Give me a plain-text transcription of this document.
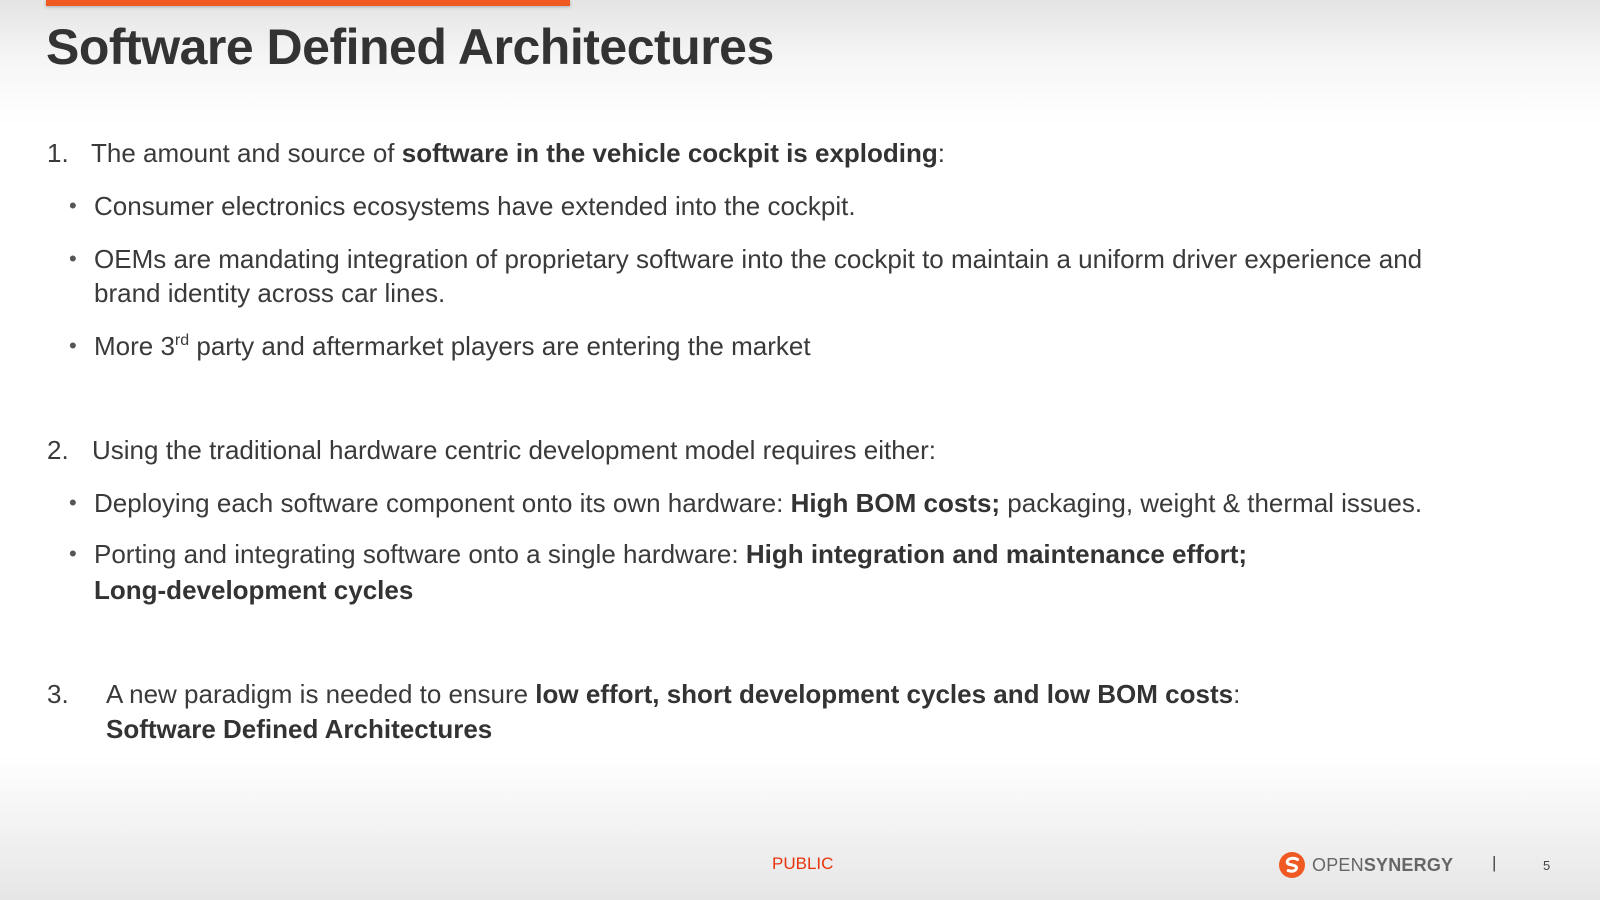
Software Defined Architectures
1. The amount and source of software in the vehicle cockpit is exploding:
• Consumer electronics ecosystems have extended into the cockpit.
• OEMs are mandating integration of proprietary software into the cockpit to maintain a uniform driver experience and
brand identity across car lines.
• More 3rd party and aftermarket players are entering the market
2. Using the traditional hardware centric development model requires either:
• Deploying each software component onto its own hardware: High BOM costs; packaging, weight & thermal issues.
• Porting and integrating software onto a single hardware: High integration and maintenance effort;
Long-development cycles
3. A new paradigm is needed to ensure low effort, short development cycles and low BOM costs:
Software Defined Architectures
PUBLIC	OPENSYNERGY |	5
